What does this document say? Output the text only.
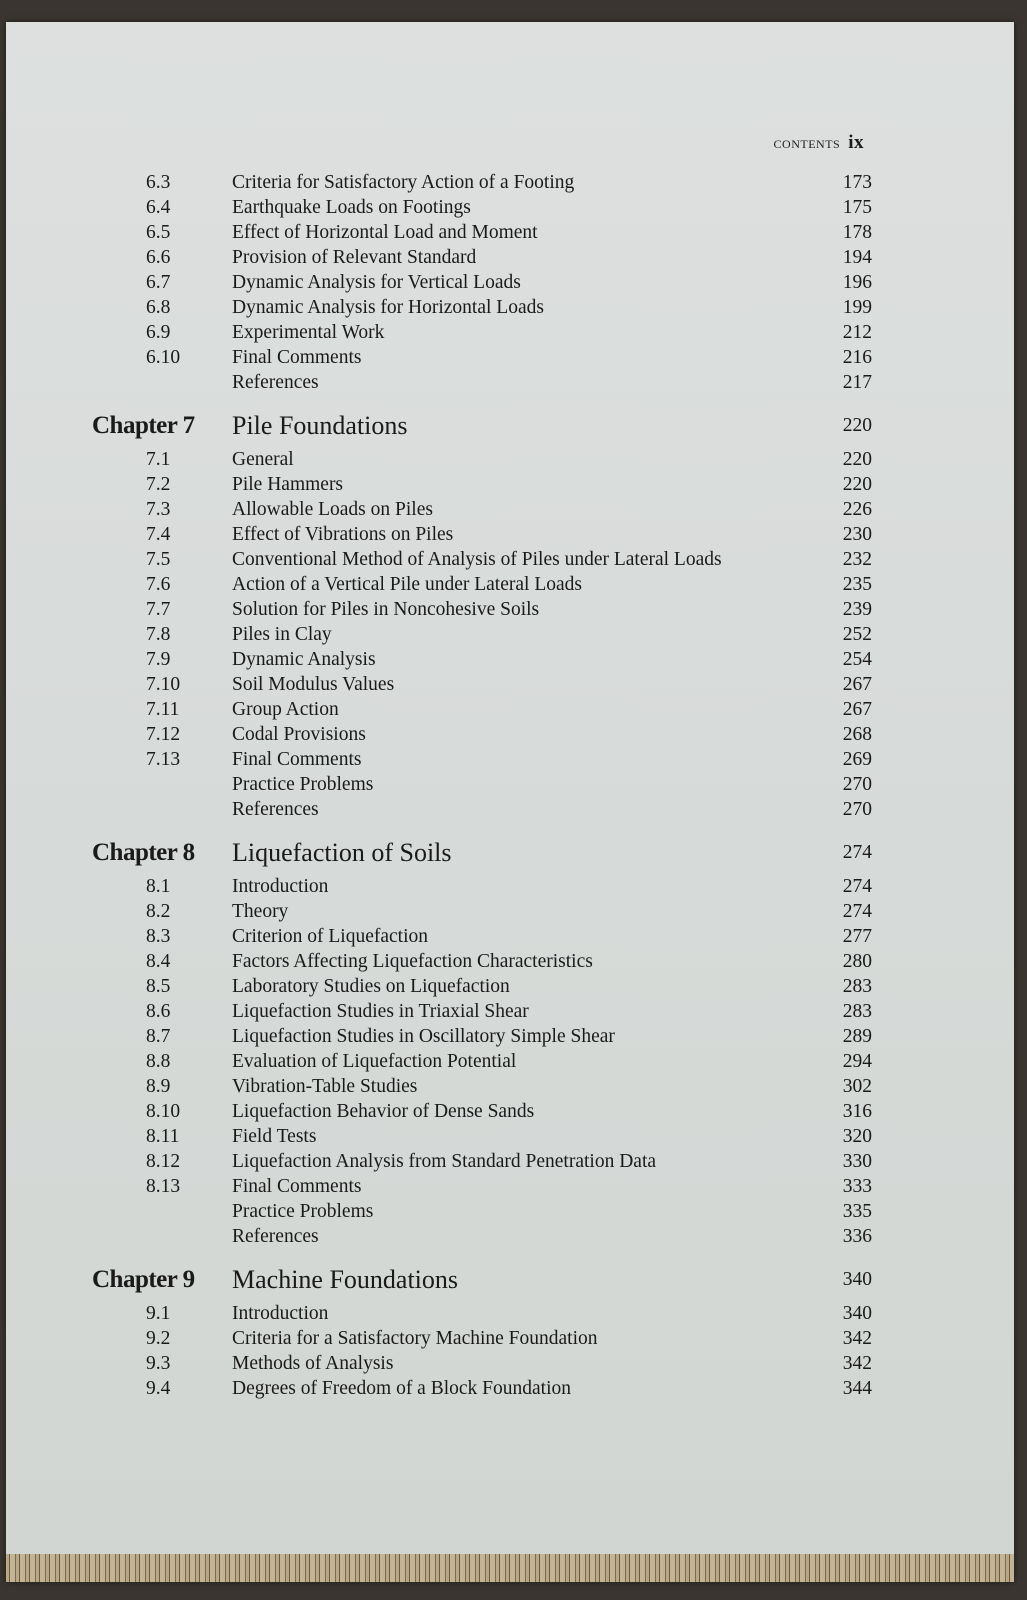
contents ix
6.3	Criteria for Satisfactory Action of a Footing	173
6.4	Earthquake Loads on Footings	175
6.5	Effect of Horizontal Load and Moment	178
6.6	Provision of Relevant Standard	194
6.7	Dynamic Analysis for Vertical Loads	196
6.8	Dynamic Analysis for Horizontal Loads	199
6.9	Experimental Work	212
6.10	Final Comments	216
References	217
Chapter 7 Pile Foundations	220
7.1	General	220
7.2	Pile Hammers	220
7.3	Allowable Loads on Piles	226
7.4	Effect of Vibrations on Piles	230
7.5	Conventional Method of Analysis of Piles under Lateral Loads	232
7.6	Action of a Vertical Pile under Lateral Loads	235
7.7	Solution for Piles in Noncohesive Soils	239
7.8	Piles in Clay	252
7.9	Dynamic Analysis	254
7.10	Soil Modulus Values	267
7.11	Group Action	267
7.12	Codal Provisions	268
7.13	Final Comments	269
Practice Problems	270
References	270
Chapter 8 Liquefaction of Soils	274
8.1	Introduction	274
8.2	Theory	274
8.3	Criterion of Liquefaction	277
8.4	Factors Affecting Liquefaction Characteristics	280
8.5	Laboratory Studies on Liquefaction	283
8.6	Liquefaction Studies in Triaxial Shear	283
8.7	Liquefaction Studies in Oscillatory Simple Shear	289
8.8	Evaluation of Liquefaction Potential	294
8.9	Vibration-Table Studies	302
8.10	Liquefaction Behavior of Dense Sands	316
8.11	Field Tests	320
8.12	Liquefaction Analysis from Standard Penetration Data	330
8.13	Final Comments	333
Practice Problems	335
References	336
Chapter 9 Machine Foundations	340
9.1	Introduction	340
9.2	Criteria for a Satisfactory Machine Foundation	342
9.3	Methods of Analysis	342
9.4	Degrees of Freedom of a Block Foundation	344
